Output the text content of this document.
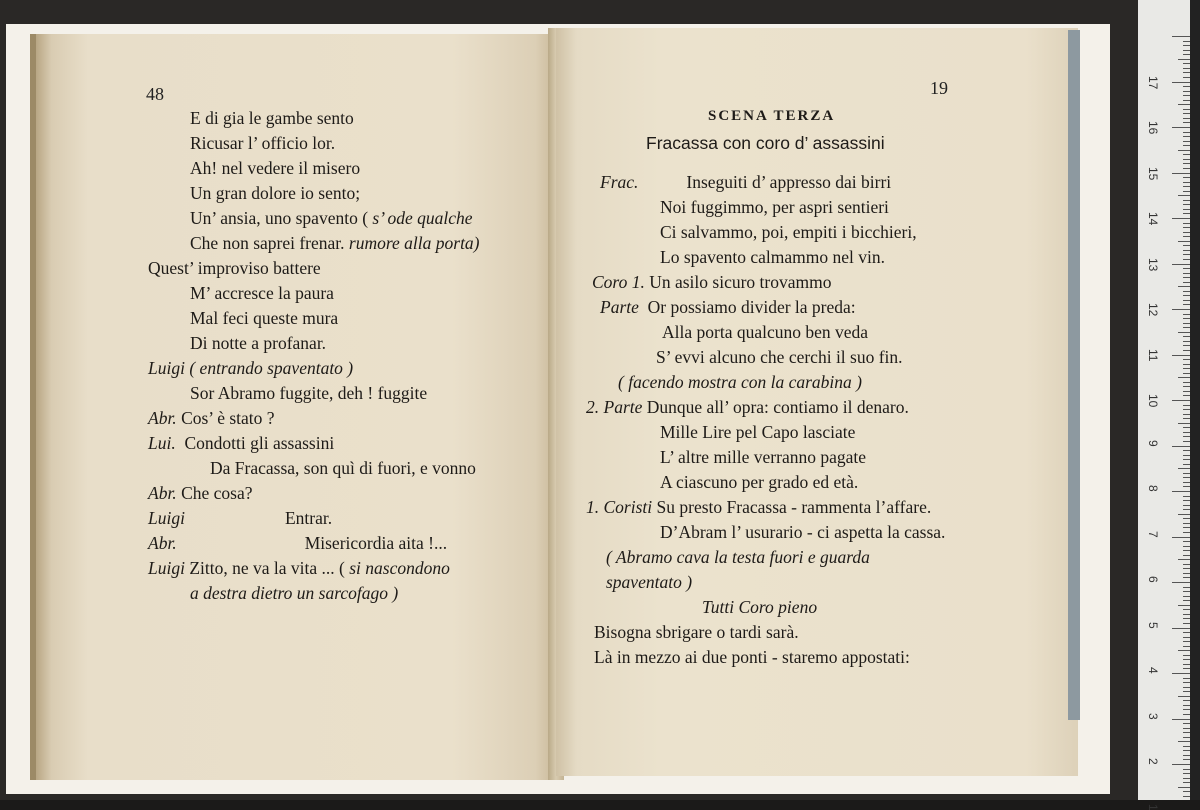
48
E di gia le gambe sento
Ricusar l’ officio lor.
Ah! nel vedere il misero
Un gran dolore io sento;
Un’ ansia, uno spavento ( s’ ode qualche
Che non saprei frenar. rumore alla porta)
Quest’ improviso battere
M’ accresce la paura
Mal feci queste mura
Di notte a profanar.
Luigi ( entrando spaventato )
Sor Abramo fuggite, deh ! fuggite
Abr. Cos’ è stato ?
Lui. Condotti gli assassini
Da Fracassa, son quì di fuori, e vonno
Abr. Che cosa?
Luigi	Entrar.
Abr.	Misericordia aita !...
Luigi Zitto, ne va la vita ... ( si nascondono
a destra dietro un sarcofago )
19
SCENA TERZA
Fracassa con coro d’ assassini
Frac.	Inseguiti d’ appresso dai birri
Noi fuggimmo, per aspri sentieri
Ci salvammo, poi, empiti i bicchieri,
Lo spavento calmammo nel vin.
Coro 1. Un asilo sicuro trovammo
Parte Or possiamo divider la preda:
Alla porta qualcuno ben veda
S’ evvi alcuno che cerchi il suo fin.
( facendo mostra con la carabina )
2. Parte Dunque all’ opra: contiamo il denaro.
Mille Lire pel Capo lasciate
L’ altre mille verranno pagate
A ciascuno per grado ed età.
1. Coristi Su presto Fracassa - rammenta l’affare.
D’Abram l’ usurario - ci aspetta la cassa.
( Abramo cava la testa fuori e guarda
spaventato )
Tutti Coro pieno
Bisogna sbrigare o tardi sarà.
Là in mezzo ai due ponti - staremo appostati:
1
2
3
4
5
6
7
8
9
10
11
12
13
14
15
16
17
